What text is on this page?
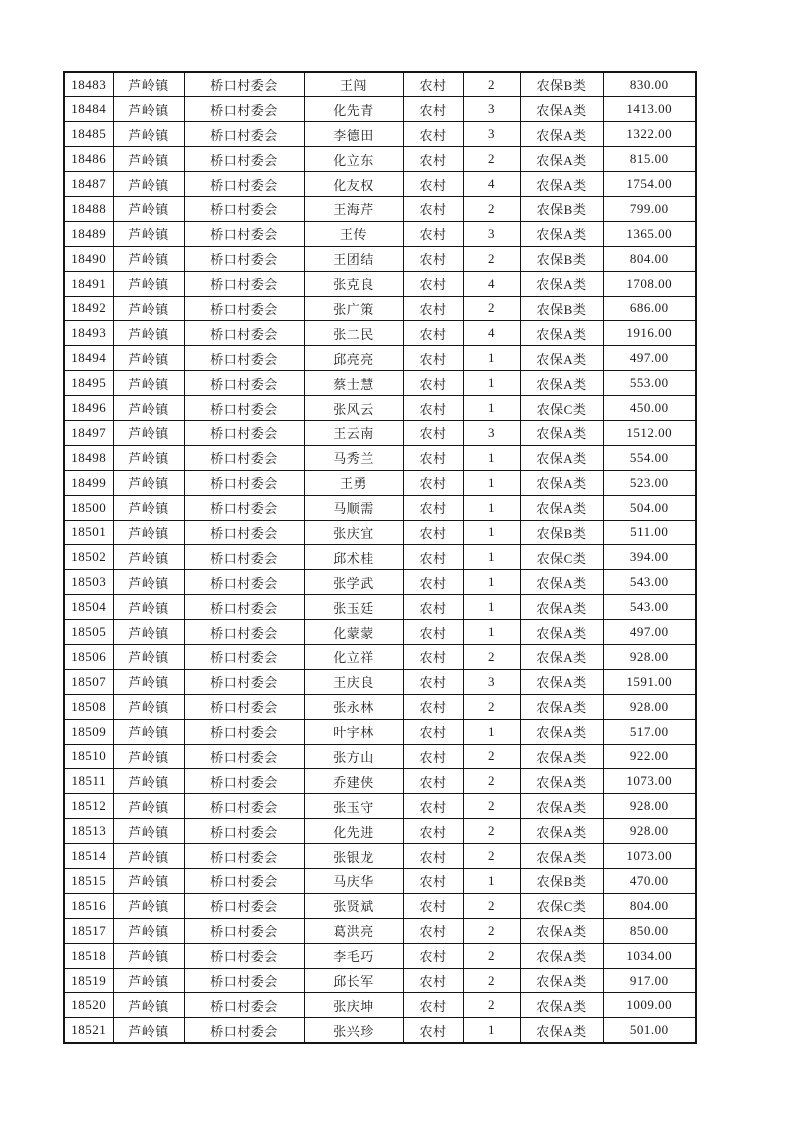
18483	芦岭镇	桥口村委会	王闯	农村	2	农保B类	830.00
18484	芦岭镇	桥口村委会	化先青	农村	3	农保A类	1413.00
18485	芦岭镇	桥口村委会	李德田	农村	3	农保A类	1322.00
18486	芦岭镇	桥口村委会	化立东	农村	2	农保A类	815.00
18487	芦岭镇	桥口村委会	化友权	农村	4	农保A类	1754.00
18488	芦岭镇	桥口村委会	王海芹	农村	2	农保B类	799.00
18489	芦岭镇	桥口村委会	王传	农村	3	农保A类	1365.00
18490	芦岭镇	桥口村委会	王团结	农村	2	农保B类	804.00
18491	芦岭镇	桥口村委会	张克良	农村	4	农保A类	1708.00
18492	芦岭镇	桥口村委会	张广策	农村	2	农保B类	686.00
18493	芦岭镇	桥口村委会	张二民	农村	4	农保A类	1916.00
18494	芦岭镇	桥口村委会	邱亮亮	农村	1	农保A类	497.00
18495	芦岭镇	桥口村委会	蔡士慧	农村	1	农保A类	553.00
18496	芦岭镇	桥口村委会	张风云	农村	1	农保C类	450.00
18497	芦岭镇	桥口村委会	王云南	农村	3	农保A类	1512.00
18498	芦岭镇	桥口村委会	马秀兰	农村	1	农保A类	554.00
18499	芦岭镇	桥口村委会	王勇	农村	1	农保A类	523.00
18500	芦岭镇	桥口村委会	马顺需	农村	1	农保A类	504.00
18501	芦岭镇	桥口村委会	张庆宜	农村	1	农保B类	511.00
18502	芦岭镇	桥口村委会	邱术桂	农村	1	农保C类	394.00
18503	芦岭镇	桥口村委会	张学武	农村	1	农保A类	543.00
18504	芦岭镇	桥口村委会	张玉廷	农村	1	农保A类	543.00
18505	芦岭镇	桥口村委会	化蒙蒙	农村	1	农保A类	497.00
18506	芦岭镇	桥口村委会	化立祥	农村	2	农保A类	928.00
18507	芦岭镇	桥口村委会	王庆良	农村	3	农保A类	1591.00
18508	芦岭镇	桥口村委会	张永林	农村	2	农保A类	928.00
18509	芦岭镇	桥口村委会	叶宇林	农村	1	农保A类	517.00
18510	芦岭镇	桥口村委会	张方山	农村	2	农保A类	922.00
18511	芦岭镇	桥口村委会	乔建侠	农村	2	农保A类	1073.00
18512	芦岭镇	桥口村委会	张玉守	农村	2	农保A类	928.00
18513	芦岭镇	桥口村委会	化先进	农村	2	农保A类	928.00
18514	芦岭镇	桥口村委会	张银龙	农村	2	农保A类	1073.00
18515	芦岭镇	桥口村委会	马庆华	农村	1	农保B类	470.00
18516	芦岭镇	桥口村委会	张贤斌	农村	2	农保C类	804.00
18517	芦岭镇	桥口村委会	葛洪亮	农村	2	农保A类	850.00
18518	芦岭镇	桥口村委会	李毛巧	农村	2	农保A类	1034.00
18519	芦岭镇	桥口村委会	邱长军	农村	2	农保A类	917.00
18520	芦岭镇	桥口村委会	张庆坤	农村	2	农保A类	1009.00
18521	芦岭镇	桥口村委会	张兴珍	农村	1	农保A类	501.00
